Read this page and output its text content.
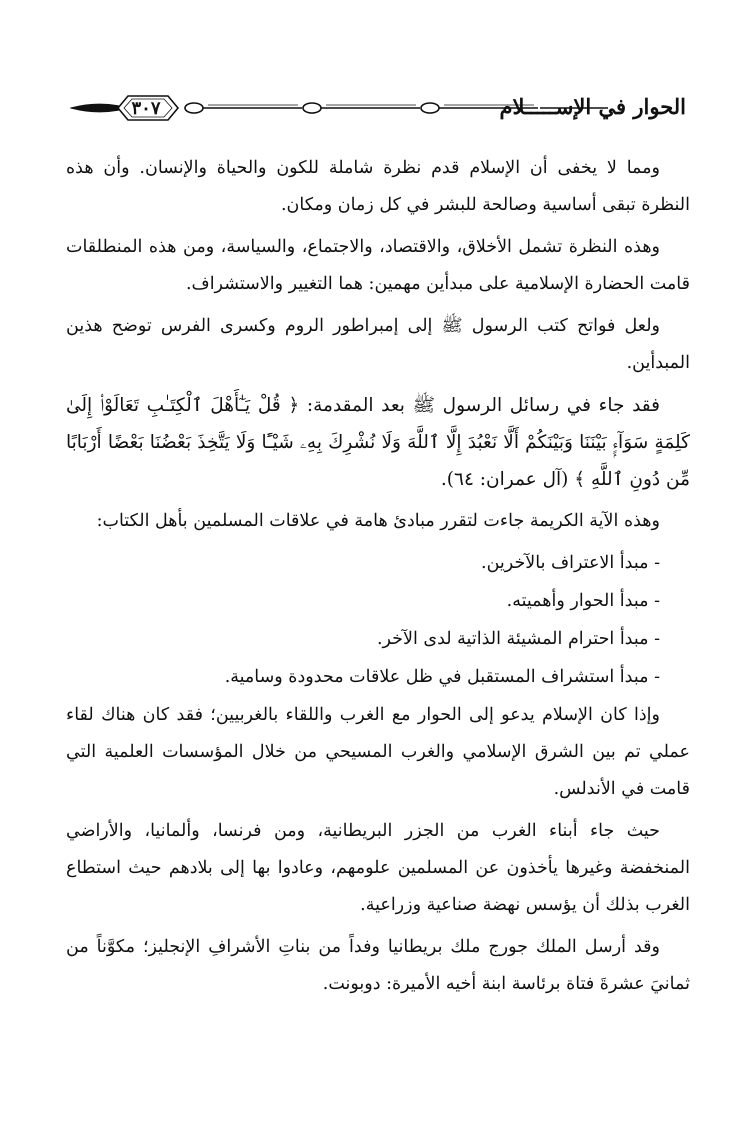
٣٠٧	الحوار في الإســـــلام

ومما لا يخفى أن الإسلام قدم نظرة شاملة للكون والحياة والإنسان. وأن هذه النظرة تبقى أساسية وصالحة للبشر في كل زمان ومكان.

وهذه النظرة تشمل الأخلاق، والاقتصاد، والاجتماع، والسياسة، ومن هذه المنطلقات قامت الحضارة الإسلامية على مبدأين مهمين: هما التغيير والاستشراف.

ولعل فواتح كتب الرسول ﷺ إلى إمبراطور الروم وكسرى الفرس توضح هذين المبدأين.

فقد جاء في رسائل الرسول ﷺ بعد المقدمة: ﴿ قُلْ يَـٰٓأَهْلَ ٱلْكِتَـٰبِ تَعَالَوْا۟ إِلَىٰ كَلِمَةٍ سَوَآءٍۭ بَيْنَنَا وَبَيْنَكُمْ أَلَّا نَعْبُدَ إِلَّا ٱللَّهَ وَلَا نُشْرِكَ بِهِۦ شَيْـًٔا وَلَا يَتَّخِذَ بَعْضُنَا بَعْضًا أَرْبَابًا مِّن دُونِ ٱللَّهِ ﴾ (آل عمران: ٦٤).

وهذه الآية الكريمة جاءت لتقرر مبادئ هامة في علاقات المسلمين بأهل الكتاب:

- مبدأ الاعتراف بالآخرين.

- مبدأ الحوار وأهميته.

- مبدأ احترام المشيئة الذاتية لدى الآخر.

- مبدأ استشراف المستقبل في ظل علاقات محدودة وسامية.

وإذا كان الإسلام يدعو إلى الحوار مع الغرب واللقاء بالغربيين؛ فقد كان هناك لقاء عملي تم بين الشرق الإسلامي والغرب المسيحي من خلال المؤسسات العلمية التي قامت في الأندلس.

حيث جاء أبناء الغرب من الجزر البريطانية، ومن فرنسا، وألمانيا، والأراضي المنخفضة وغيرها يأخذون عن المسلمين علومهم، وعادوا بها إلى بلادهم حيث استطاع الغرب بذلك أن يؤسس نهضة صناعية وزراعية.

وقد أرسل الملك جورج ملك بريطانيا وفداً من بناتِ الأشرافِ الإنجليز؛ مكوَّناً من ثمانيَ عشرةَ فتاة برئاسة ابنة أخيه الأميرة: دوبونت.
